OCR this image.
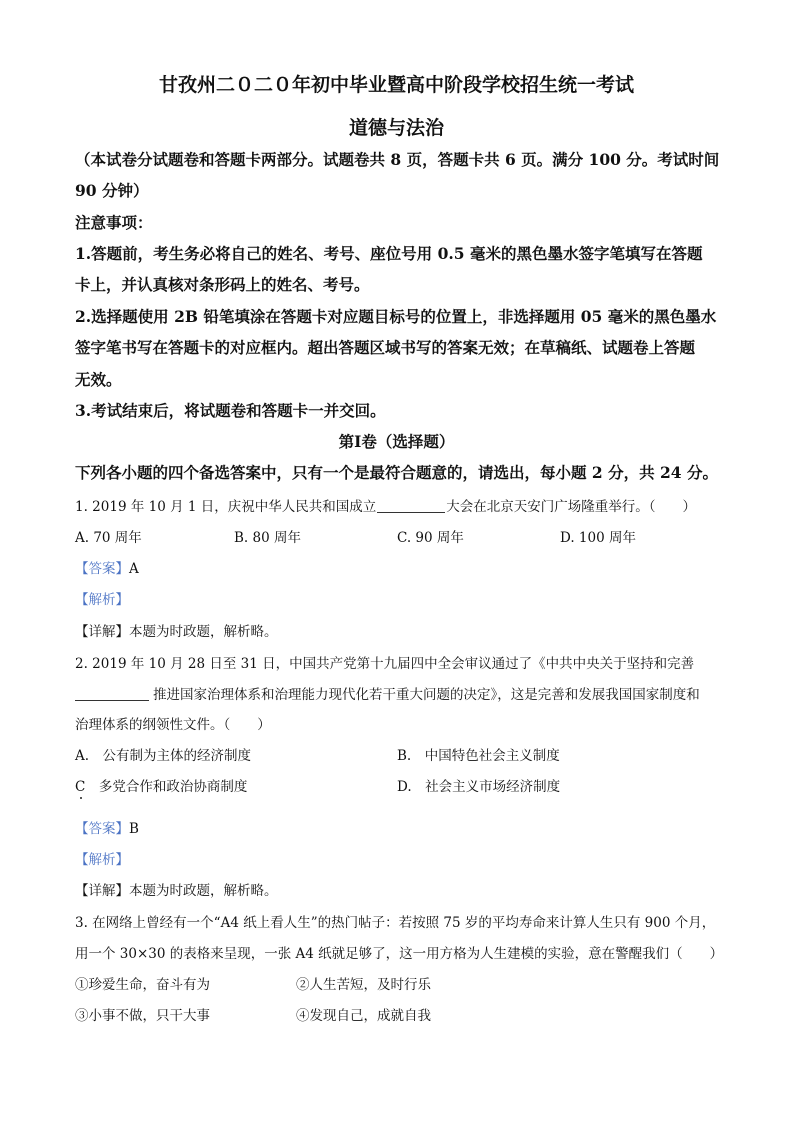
甘孜州二０二０年初中毕业暨高中阶段学校招生统一考试
道德与法治
（本试卷分试题卷和答题卡两部分。试题卷共 8 页，答题卡共 6 页。满分 100 分。考试时间
90 分钟）
注意事项：
1.答题前，考生务必将自己的姓名、考号、座位号用 0.5 毫米的黑色墨水签字笔填写在答题
卡上，并认真核对条形码上的姓名、考号。
2.选择题使用 2B 铅笔填涂在答题卡对应题目标号的位置上，非选择题用 05 毫米的黑色墨水
签字笔书写在答题卡的对应框内。超出答题区域书写的答案无效；在草稿纸、试题卷上答题
无效。
3.考试结束后，将试题卷和答题卡一并交回。
第Ⅰ卷（选择题）
下列各小题的四个备选答案中，只有一个是最符合题意的，请选出，每小题 2 分，共 24 分。
1. 2019 年 10 月 1 日，庆祝中华人民共和国成立	大会在北京天安门广场隆重举行。（　　）
A. 70 周年	B. 80 周年	C. 90 周年	D. 100 周年
【答案】A
【解析】
【详解】本题为时政题，解析略。
2. 2019 年 10 月 28 日至 31 日，中国共产党第十九届四中全会审议通过了《中共中央关于坚持和完善
推进国家治理体系和治理能力现代化若干重大问题的决定》，这是完善和发展我国国家制度和
治理体系的纲领性文件。（　　）
A.　公有制为主体的经济制度	B.　中国特色社会主义制度
C　多党合作和政治协商制度	D.　社会主义市场经济制度
【答案】B
【解析】
【详解】本题为时政题，解析略。
3. 在网络上曾经有一个“A4 纸上看人生”的热门帖子：若按照 75 岁的平均寿命来计算人生只有 900 个月，
用一个 30×30 的表格来呈现，一张 A4 纸就足够了，这一用方格为人生建模的实验，意在警醒我们（　　）
①珍爱生命，奋斗有为	②人生苦短，及时行乐
③小事不做，只干大事	④发现自己，成就自我
